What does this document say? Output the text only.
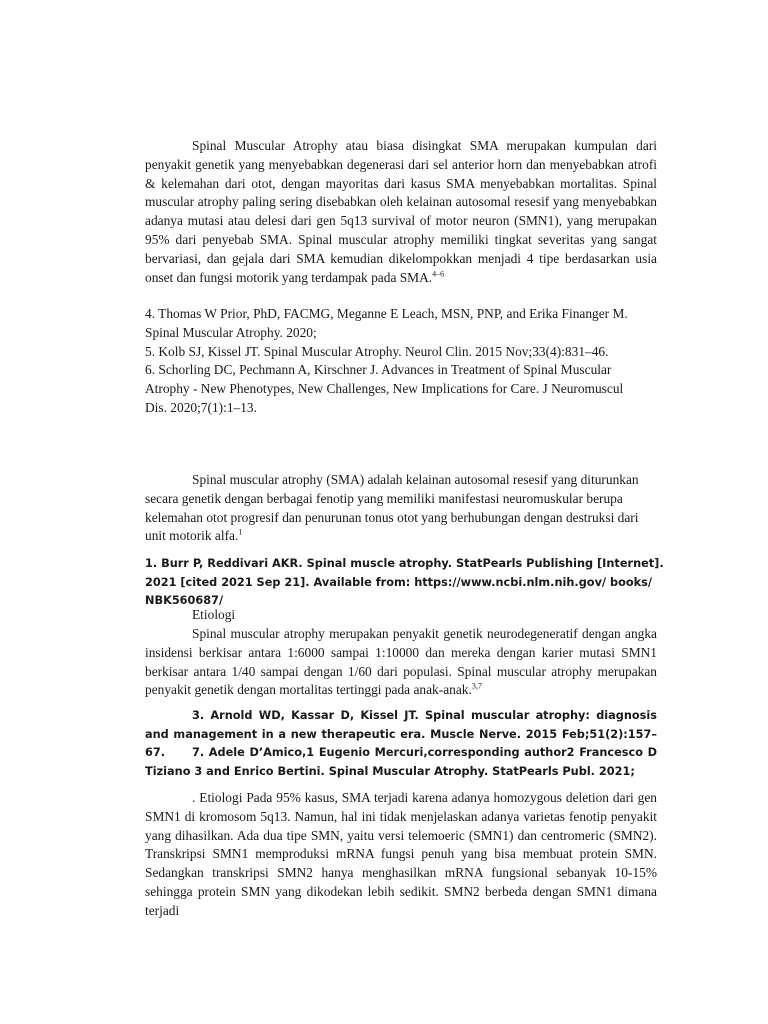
Spinal Muscular Atrophy atau biasa disingkat SMA merupakan kumpulan dari penyakit genetik yang menyebabkan degenerasi dari sel anterior horn dan menyebabkan atrofi & kelemahan dari otot, dengan mayoritas dari kasus SMA menyebabkan mortalitas. Spinal muscular atrophy paling sering disebabkan oleh kelainan autosomal resesif yang menyebabkan adanya mutasi atau delesi dari gen 5q13 survival of motor neuron (SMN1), yang merupakan 95% dari penyebab SMA. Spinal muscular atrophy memiliki tingkat severitas yang sangat bervariasi, dan gejala dari SMA kemudian dikelompokkan menjadi 4 tipe berdasarkan usia onset dan fungsi motorik yang terdampak pada SMA.$^{4-6}$

4. Thomas W Prior, PhD, FACMG, Meganne E Leach, MSN, PNP, and Erika Finanger M.
Spinal Muscular Atrophy. 2020;
5. Kolb SJ, Kissel JT. Spinal Muscular Atrophy. Neurol Clin. 2015 Nov;33(4):831–46.
6. Schorling DC, Pechmann A, Kirschner J. Advances in Treatment of Spinal Muscular
Atrophy - New Phenotypes, New Challenges, New Implications for Care. J Neuromuscul Dis. 2020;7(1):1–13.

Spinal muscular atrophy (SMA) adalah kelainan autosomal resesif yang diturunkan secara genetik dengan berbagai fenotip yang memiliki manifestasi neuromuskular berupa kelemahan otot progresif dan penurunan tonus otot yang berhubungan dengan destruksi dari unit motorik alfa.$^1$

1. Burr P, Reddivari AKR. Spinal muscle atrophy. StatPearls Publishing [Internet]. 2021 [cited 2021 Sep 21]. Available from: https://www.ncbi.nlm.nih.gov/ books/ NBK560687/

Etiologi

Spinal muscular atrophy merupakan penyakit genetik neurodegeneratif dengan angka insidensi berkisar antara 1:6000 sampai 1:10000 dan mereka dengan karier mutasi SMN1 berkisar antara 1/40 sampai dengan 1/60 dari populasi. Spinal muscular atrophy merupakan penyakit genetik dengan mortalitas tertinggi pada anak-anak.$^{3,7}$

3. Arnold WD, Kassar D, Kissel JT. Spinal muscular atrophy: diagnosis and management in a new therapeutic era. Muscle Nerve. 2015 Feb;51(2):157–67.	7. Adele D’Amico,1 Eugenio Mercuri,corresponding author2 Francesco D Tiziano 3 and Enrico Bertini. Spinal Muscular Atrophy. StatPearls Publ. 2021;

. Etiologi Pada 95% kasus, SMA terjadi karena adanya homozygous deletion dari gen SMN1 di kromosom 5q13. Namun, hal ini tidak menjelaskan adanya varietas fenotip penyakit yang dihasilkan. Ada dua tipe SMN, yaitu versi telemoeric (SMN1) dan centromeric (SMN2). Transkripsi SMN1 memproduksi mRNA fungsi penuh yang bisa membuat protein SMN. Sedangkan transkripsi SMN2 hanya menghasilkan mRNA fungsional sebanyak 10-15% sehingga protein SMN yang dikodekan lebih sedikit. SMN2 berbeda dengan SMN1 dimana terjadi
